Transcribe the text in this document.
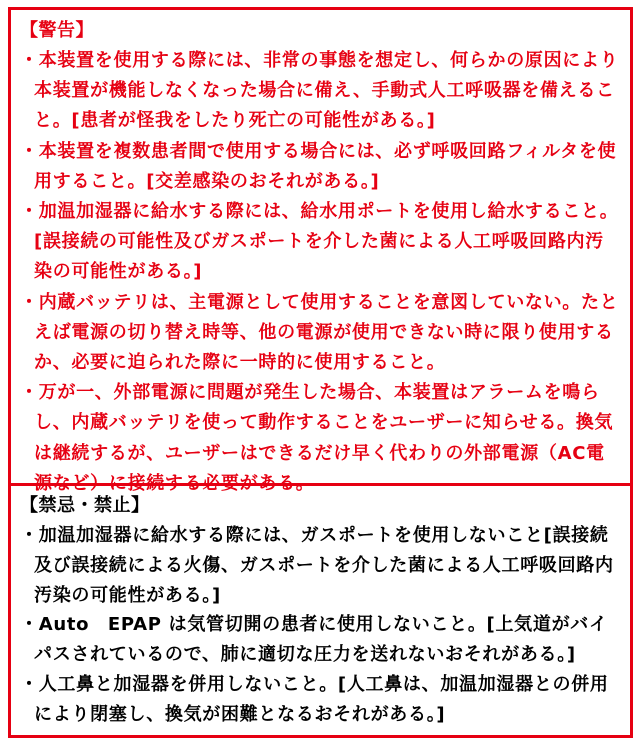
【警告】

・本装置を使用する際には、非常の事態を想定し、何らかの原因により本装置が機能しなくなった場合に備え、手動式人工呼吸器を備えること。[患者が怪我をしたり死亡の可能性がある。]

・本装置を複数患者間で使用する場合には、必ず呼吸回路フィルタを使用すること。[交差感染のおそれがある。]

・加温加湿器に給水する際には、給水用ポートを使用し給水すること。[誤接続の可能性及びガスポートを介した菌による人工呼吸回路内汚染の可能性がある。]

・内蔵バッテリは、主電源として使用することを意図していない。たとえば電源の切り替え時等、他の電源が使用できない時に限り使用するか、必要に迫られた際に一時的に使用すること。

・万が一、外部電源に問題が発生した場合、本装置はアラームを鳴らし、内蔵バッテリを使って動作することをユーザーに知らせる。換気は継続するが、ユーザーはできるだけ早く代わりの外部電源（AC電源など）に接続する必要がある。

【禁忌・禁止】

・加温加湿器に給水する際には、ガスポートを使用しないこと[誤接続及び誤接続による火傷、ガスポートを介した菌による人工呼吸回路内汚染の可能性がある。]

・Auto　EPAP は気管切開の患者に使用しないこと。[上気道がバイパスされているので、肺に適切な圧力を送れないおそれがある。]

・人工鼻と加湿器を併用しないこと。[人工鼻は、加温加湿器との併用により閉塞し、換気が困難となるおそれがある。]
